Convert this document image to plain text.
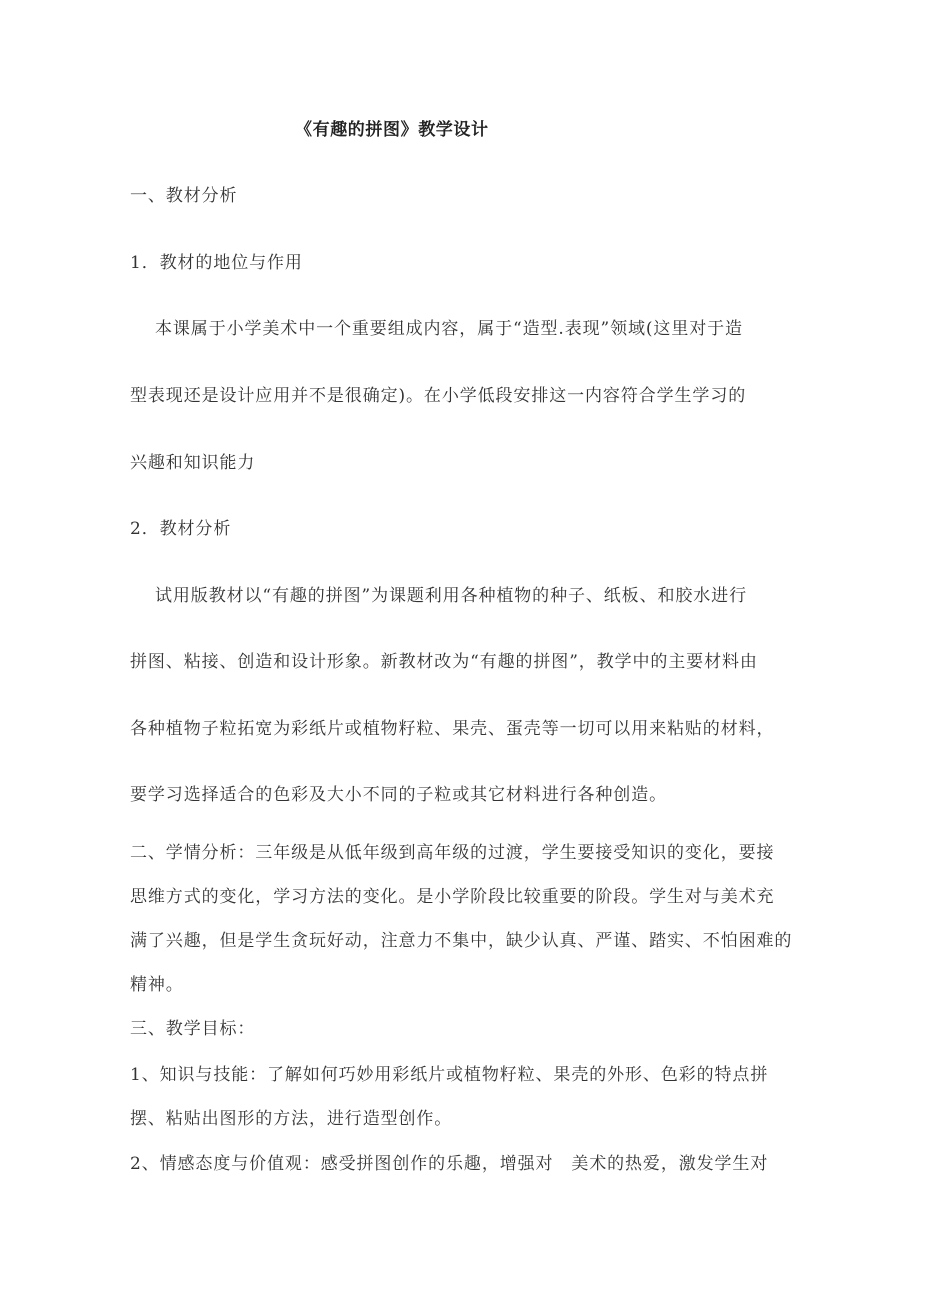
《有趣的拼图》教学设计
一、教材分析
1．教材的地位与作用
本课属于小学美术中一个重要组成内容，属于“造型.表现”领域(这里对于造
型表现还是设计应用并不是很确定)。在小学低段安排这一内容符合学生学习的
兴趣和知识能力
2．教材分析
试用版教材以“有趣的拼图”为课题利用各种植物的种子、纸板、和胶水进行
拼图、粘接、创造和设计形象。新教材改为“有趣的拼图”，教学中的主要材料由
各种植物子粒拓宽为彩纸片或植物籽粒、果壳、蛋壳等一切可以用来粘贴的材料，
要学习选择适合的色彩及大小不同的子粒或其它材料进行各种创造。
二、学情分析：三年级是从低年级到高年级的过渡，学生要接受知识的变化，要接
思维方式的变化，学习方法的变化。是小学阶段比较重要的阶段。学生对与美术充
满了兴趣，但是学生贪玩好动，注意力不集中，缺少认真、严谨、踏实、不怕困难的
精神。
三、教学目标：
1、知识与技能：了解如何巧妙用彩纸片或植物籽粒、果壳的外形、色彩的特点拼
摆、粘贴出图形的方法，进行造型创作。
2、情感态度与价值观：感受拼图创作的乐趣，增强对　美术的热爱，激发学生对
